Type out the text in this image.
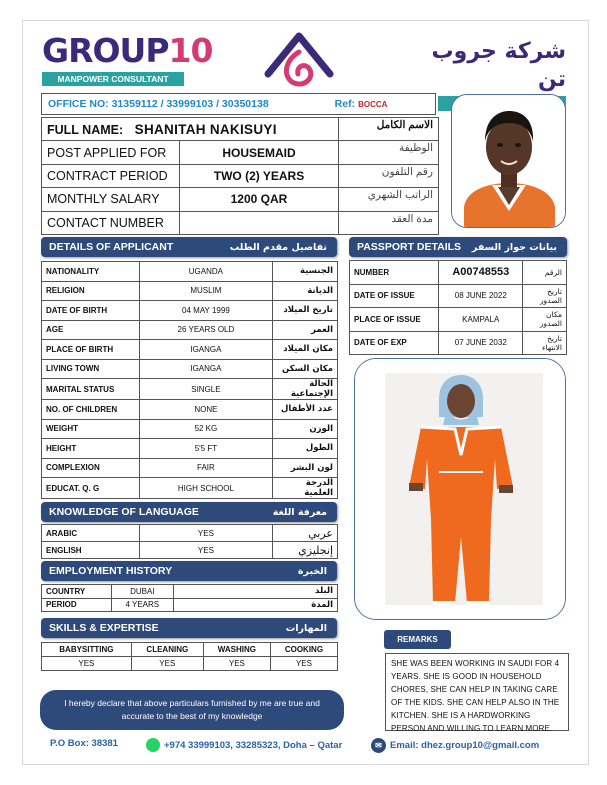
GROUP10
MANPOWER CONSULTANT
شركة جروب تن
OFFICE NO: 31359112 / 33999103 / 30350138	Ref: BOCCA
FULL NAME: SHANITAH NAKISUYI		الاسم الكامل
POST APPLIED FOR	HOUSEMAID	الوظيفة
CONTRACT PERIOD	TWO (2) YEARS	رقم التلفون
MONTHLY SALARY	1200 QAR	الراتب الشهري
CONTACT NUMBER		مدة العقد
DETAILS OF APPLICANT	تفاصيل مقدم الطلب
NATIONALITY	UGANDA	الجنسية
RELIGION	MUSLIM	الديانة
DATE OF BIRTH	04 MAY 1999	تاريخ الميلاد
AGE	26 YEARS OLD	العمر
PLACE OF BIRTH	IGANGA	مكان الميلاد
LIVING TOWN	IGANGA	مكان السكن
MARITAL STATUS	SINGLE	الحالة الإجتماعية
NO. OF CHILDREN	NONE	عدد الأطفال
WEIGHT	52 KG	الوزن
HEIGHT	5'5 FT	الطول
COMPLEXION	FAIR	لون البشر
EDUCAT. Q. G	HIGH SCHOOL	الدرجة العلمية
PASSPORT DETAILS بيانات جواز السفر
NUMBER	A00748553	الرقم
DATE OF ISSUE	08 JUNE 2022	تاريخ الصدور
PLACE OF ISSUE	KAMPALA	مكان الصدور
DATE OF EXP	07 JUNE 2032	تاريخ الانتهاء
KNOWLEDGE OF LANGUAGE	معرفة اللغة
ARABIC	YES	عربي
ENGLISH	YES	إنجليزي
EMPLOYMENT HISTORY	الخبرة
COUNTRY	DUBAI	البلد
PERIOD	4 YEARS	المدة
SKILLS & EXPERTISE	المهارات
BABYSITTING	CLEANING	WASHING	COOKING
YES	YES	YES	YES
REMARKS
SHE WAS BEEN WORKING IN SAUDI FOR 4 YEARS. SHE IS GOOD IN HOUSEHOLD CHORES, SHE CAN HELP IN TAKING CARE OF THE KIDS. SHE CAN HELP ALSO IN THE KITCHEN. SHE IS A HARDWORKING PERSON AND WILLING TO LEARN MORE.
I hereby declare that above particulars furnished by me are true and accurate to the best of my knowledge
P.O Box: 38381	+974 33999103, 33285323, Doha – Qatar	✉ Email: dhez.group10@gmail.com
